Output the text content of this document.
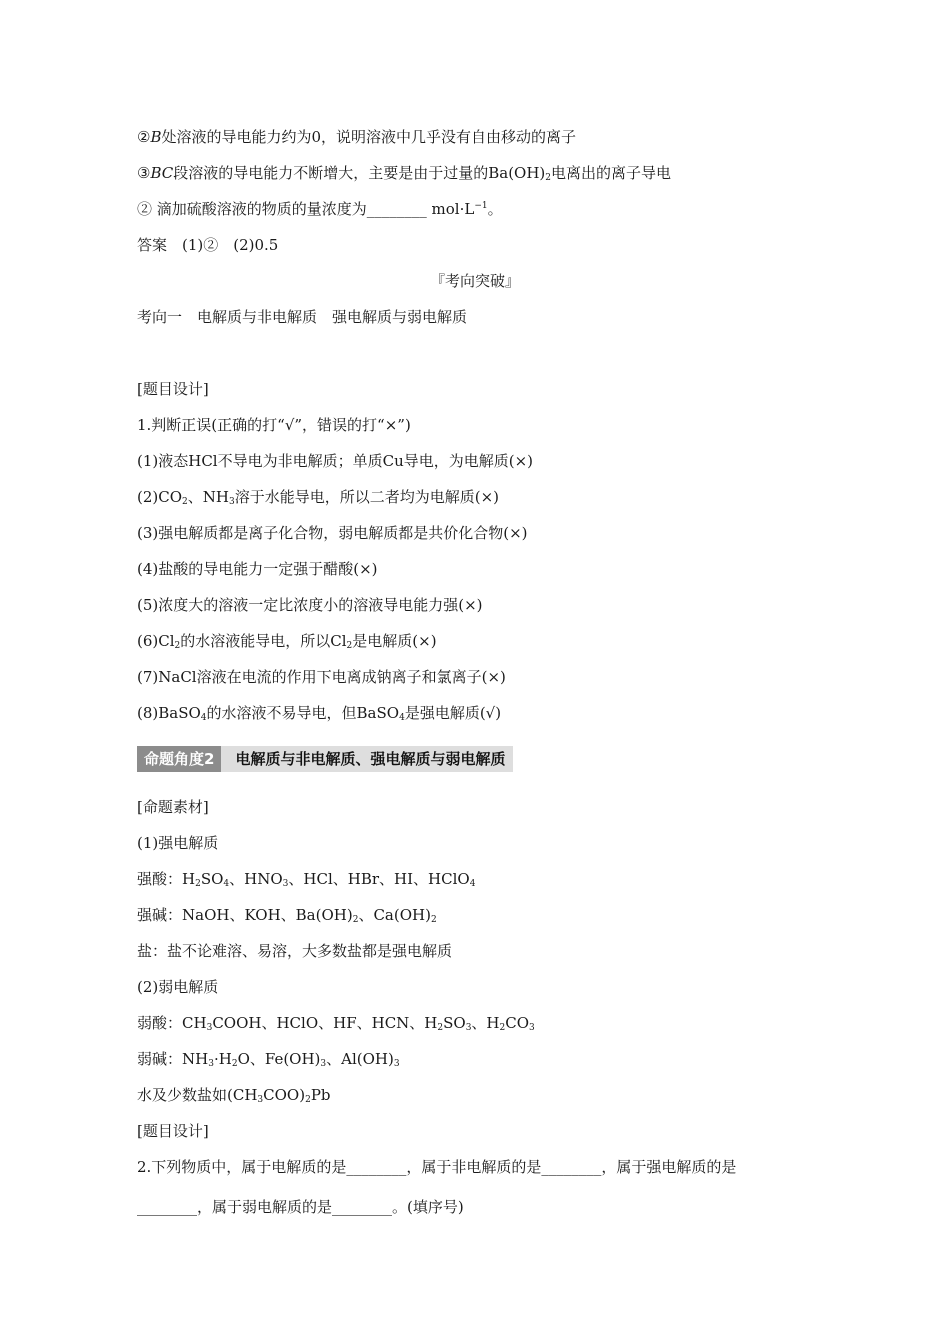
②B处溶液的导电能力约为0，说明溶液中几乎没有自由移动的离子
③BC段溶液的导电能力不断增大，主要是由于过量的$Ba(OH)_2$电离出的离子导电
② 滴加硫酸溶液的物质的量浓度为________ $mol\cdot L^{-1}$。
答案　(1)②　(2)0.5
『考向突破』
考向一　电解质与非电解质　强电解质与弱电解质
[题目设计]
1.判断正误(正确的打“√”，错误的打“×”)
(1)液态HCl不导电为非电解质；单质Cu导电，为电解质(×)
$(2)CO_2$、$NH_3$溶于水能导电，所以二者均为电解质(×)
(3)强电解质都是离子化合物，弱电解质都是共价化合物(×)
(4)盐酸的导电能力一定强于醋酸(×)
(5)浓度大的溶液一定比浓度小的溶液导电能力强(×)
$(6)Cl_2$的水溶液能导电，所以$Cl_2$是电解质(×)
(7)NaCl溶液在电流的作用下电离成钠离子和氯离子(×)
(8)BaSO$_4$的水溶液不易导电，但BaSO$_4$是强电解质(√)
命题角度2	电解质与非电解质、强电解质与弱电解质
[命题素材]
(1)强电解质
强酸：$H_2SO_4$、$HNO_3$、HCl、HBr、HI、HClO$_4$
强碱：NaOH、KOH、$Ba(OH)_2$、$Ca(OH)_2$
盐：盐不论难溶、易溶，大多数盐都是强电解质
(2)弱电解质
弱酸：$CH_3COOH$、HClO、HF、HCN、$H_2SO_3$、$H_2CO_3$
弱碱：$NH_3\cdot H_2O$、$Fe(OH)_3$、$Al(OH)_3$
水及少数盐如$(CH_3COO)_2Pb$
[题目设计]
2.下列物质中，属于电解质的是________，属于非电解质的是________，属于强电解质的是
________，属于弱电解质的是________。(填序号)
